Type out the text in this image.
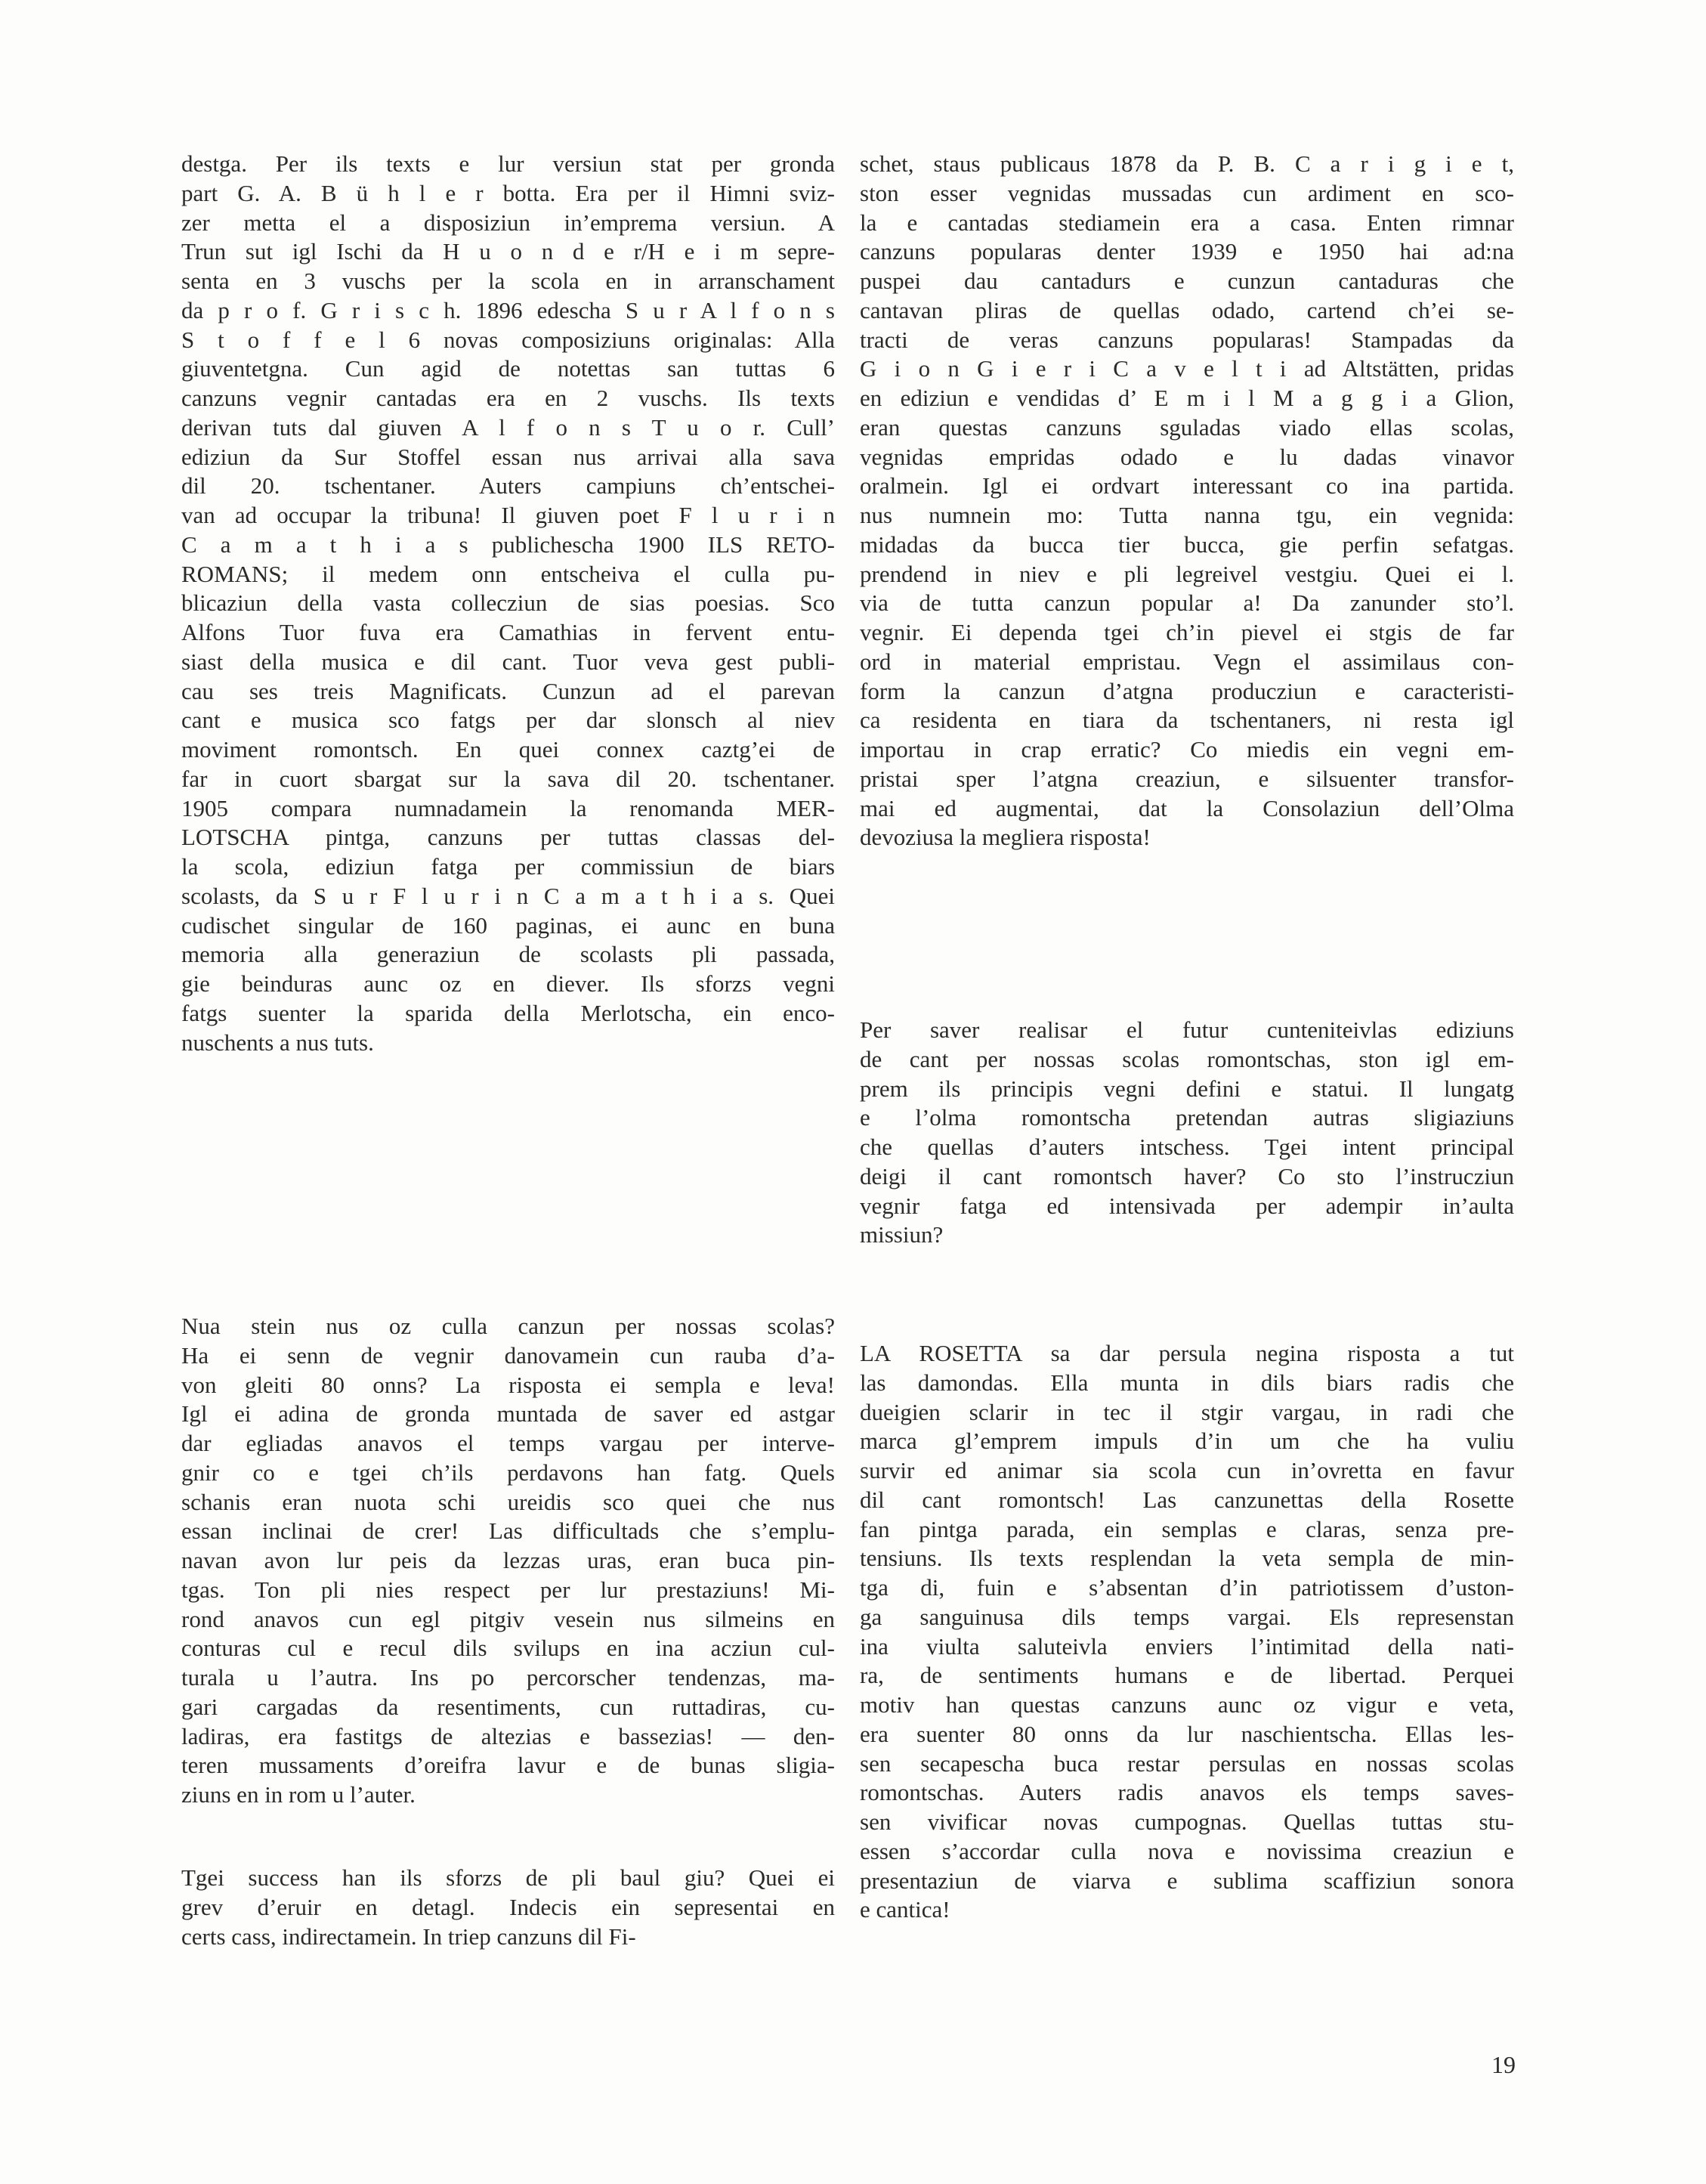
destga. Per ils texts e lur versiun stat per gronda
part G. A. B ü h l e r botta. Era per il Himni sviz-
zer metta el a disposiziun in’emprema versiun. A
Trun sut igl Ischi da H u o n d e r/H e i m sepre-
senta en 3 vuschs per la scola en in arranschament
da p r o f. G r i s c h. 1896 edescha S u r A l f o n s
S t o f f e l 6 novas composiziuns originalas: Alla
giuventetgna. Cun agid de notettas san tuttas 6
canzuns vegnir cantadas era en 2 vuschs. Ils texts
derivan tuts dal giuven A l f o n s T u o r. Cull’
ediziun da Sur Stoffel essan nus arrivai alla sava
dil 20. tschentaner. Auters campiuns ch’entschei-
van ad occupar la tribuna! Il giuven poet F l u r i n
C a m a t h i a s publichescha 1900 ILS RETO-
ROMANS; il medem onn entscheiva el culla pu-
blicaziun della vasta collecziun de sias poesias. Sco
Alfons Tuor fuva era Camathias in fervent entu-
siast della musica e dil cant. Tuor veva gest publi-
cau ses treis Magnificats. Cunzun ad el parevan
cant e musica sco fatgs per dar slonsch al niev
moviment romontsch. En quei connex caztg’ei de
far in cuort sbargat sur la sava dil 20. tschentaner.
1905 compara numnadamein la renomanda MER-
LOTSCHA pintga, canzuns per tuttas classas del-
la scola, ediziun fatga per commissiun de biars
scolasts, da S u r F l u r i n C a m a t h i a s. Quei
cudischet singular de 160 paginas, ei aunc en buna
memoria alla generaziun de scolasts pli passada,
gie beinduras aunc oz en diever. Ils sforzs vegni
fatgs suenter la sparida della Merlotscha, ein enco-
nuschents a nus tuts.
Nua stein nus oz culla canzun per nossas scolas?
Ha ei senn de vegnir danovamein cun rauba d’a-
von gleiti 80 onns? La risposta ei sempla e leva!
Igl ei adina de gronda muntada de saver ed astgar
dar egliadas anavos el temps vargau per interve-
gnir co e tgei ch’ils perdavons han fatg. Quels
schanis eran nuota schi ureidis sco quei che nus
essan inclinai de crer! Las difficultads che s’emplu-
navan avon lur peis da lezzas uras, eran buca pin-
tgas. Ton pli nies respect per lur prestaziuns! Mi-
rond anavos cun egl pitgiv vesein nus silmeins en
conturas cul e recul dils svilups en ina acziun cul-
turala u l’autra. Ins po percorscher tendenzas, ma-
gari cargadas da resentiments, cun ruttadiras, cu-
ladiras, era fastitgs de altezias e bassezias! — den-
teren mussaments d’oreifra lavur e de bunas sligia-
ziuns en in rom u l’auter.
Tgei success han ils sforzs de pli baul giu? Quei ei
grev d’eruir en detagl. Indecis ein sepresentai en
certs cass, indirectamein. In triep canzuns dil Fi-
schet, staus publicaus 1878 da P. B. C a r i g i e t,
ston esser vegnidas mussadas cun ardiment en sco-
la e cantadas stediamein era a casa. Enten rimnar
canzuns popularas denter 1939 e 1950 hai ad:na
puspei dau cantadurs e cunzun cantaduras che
cantavan pliras de quellas odado, cartend ch’ei se-
tracti de veras canzuns popularas! Stampadas da
G i o n G i e r i C a v e l t i ad Altstätten, pridas
en ediziun e vendidas d’ E m i l M a g g i a Glion,
eran questas canzuns sguladas viado ellas scolas,
vegnidas empridas odado e lu dadas vinavor
oralmein. Igl ei ordvart interessant co ina partida.
nus numnein mo: Tutta nanna tgu, ein vegnida:
midadas da bucca tier bucca, gie perfin sefatgas.
prendend in niev e pli legreivel vestgiu. Quei ei l.
via de tutta canzun popular a! Da zanunder sto’l.
vegnir. Ei dependa tgei ch’in pievel ei stgis de far
ord in material empristau. Vegn el assimilaus con-
form la canzun d’atgna producziun e caracteristi-
ca residenta en tiara da tschentaners, ni resta igl
importau in crap erratic? Co miedis ein vegni em-
pristai sper l’atgna creaziun, e silsuenter transfor-
mai ed augmentai, dat la Consolaziun dell’Olma
devoziusa la megliera risposta!
Per saver realisar el futur cunteniteivlas ediziuns
de cant per nossas scolas romontschas, ston igl em-
prem ils principis vegni defini e statui. Il lungatg
e l’olma romontscha pretendan autras sligiaziuns
che quellas d’auters intschess. Tgei intent principal
deigi il cant romontsch haver? Co sto l’instrucziun
vegnir fatga ed intensivada per adempir in’aulta
missiun?
LA ROSETTA sa dar persula negina risposta a tut
las damondas. Ella munta in dils biars radis che
dueigien sclarir in tec il stgir vargau, in radi che
marca gl’emprem impuls d’in um che ha vuliu
survir ed animar sia scola cun in’ovretta en favur
dil cant romontsch! Las canzunettas della Rosette
fan pintga parada, ein semplas e claras, senza pre-
tensiuns. Ils texts resplendan la veta sempla de min-
tga di, fuin e s’absentan d’in patriotissem d’uston-
ga sanguinusa dils temps vargai. Els represenstan
ina viulta saluteivla enviers l’intimitad della nati-
ra, de sentiments humans e de libertad. Perquei
motiv han questas canzuns aunc oz vigur e veta,
era suenter 80 onns da lur naschientscha. Ellas les-
sen secapescha buca restar persulas en nossas scolas
romontschas. Auters radis anavos els temps saves-
sen vivificar novas cumpognas. Quellas tuttas stu-
essen s’accordar culla nova e novissima creaziun e
presentaziun de viarva e sublima scaffiziun sonora
e cantica!
19
